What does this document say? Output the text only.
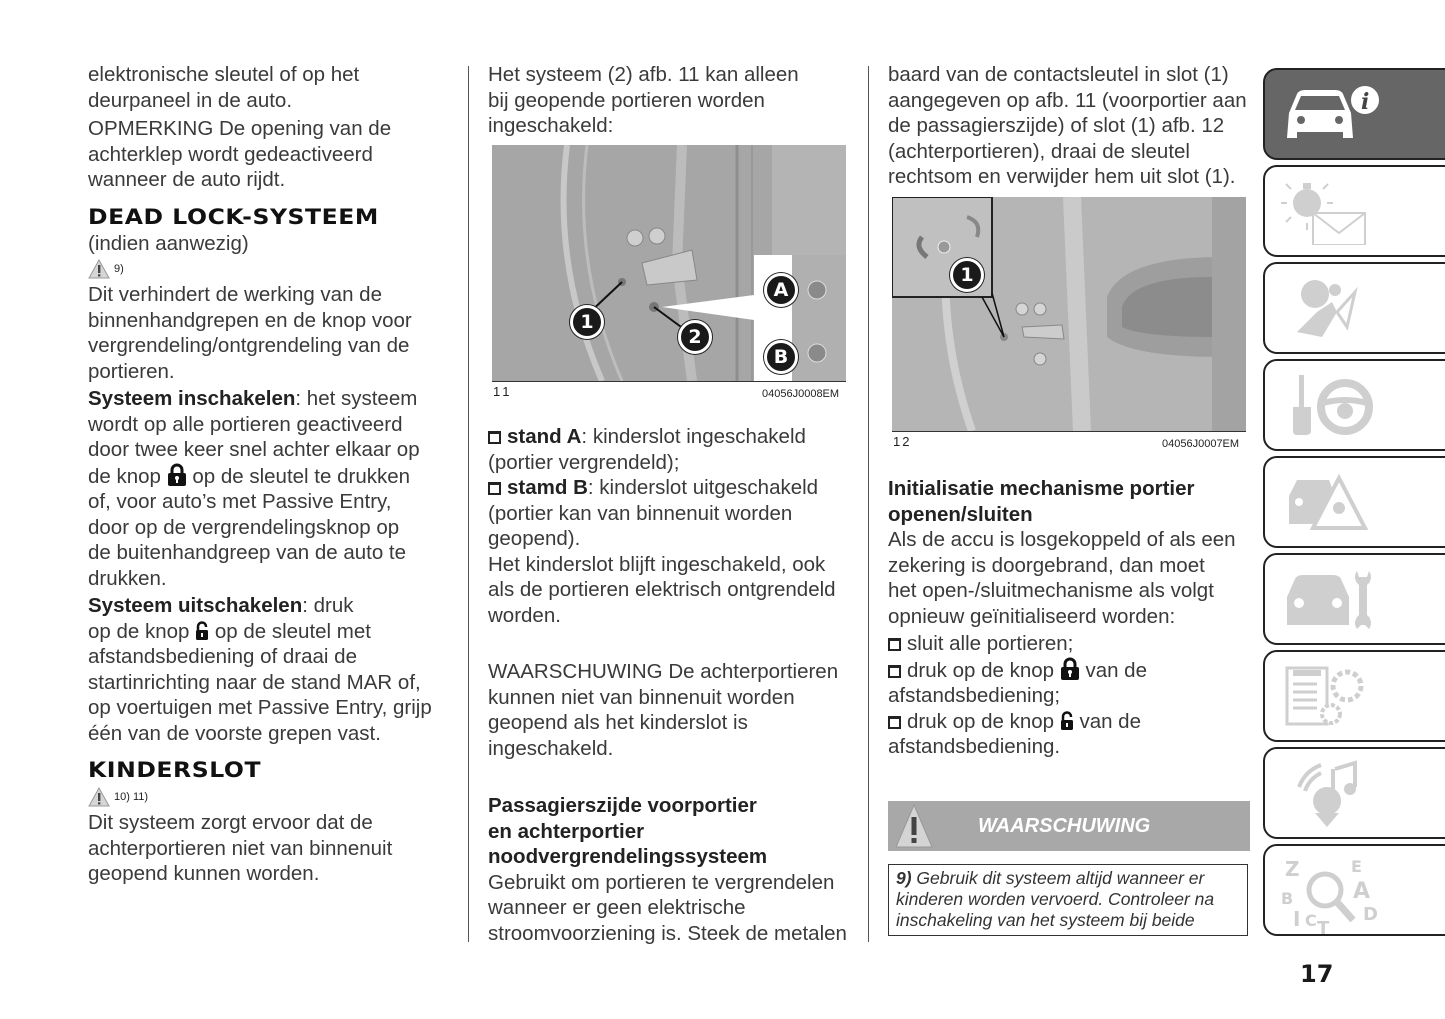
elektronische sleutel of op het

deurpaneel in de auto.

OPMERKING De opening van de

achterklep wordt gedeactiveerd

wanneer de auto rijdt.

DEAD LOCK-SYSTEEM

(indien aanwezig)

9)

Dit verhindert de werking van de

binnenhandgrepen en de knop voor

vergrendeling/ontgrendeling van de

portieren.

Systeem inschakelen: het systeem

wordt op alle portieren geactiveerd

door twee keer snel achter elkaar op

de knop op de sleutel te drukken

of, voor auto’s met Passive Entry,

door op de vergrendelingsknop op

de buitenhandgreep van de auto te

drukken.

Systeem uitschakelen: druk

op de knop op de sleutel met

afstandsbediening of draai de

startinrichting naar de stand MAR of,

op voertuigen met Passive Entry, grijp

één van de voorste grepen vast.

KINDERSLOT
10) 11)

Dit systeem zorgt ervoor dat de

achterportieren niet van binnenuit

geopend kunnen worden.

Het systeem (2) afb. 11 kan alleen

bij geopende portieren worden

ingeschakeld:

1
2
A
B
11	04056J0008EM

stand A: kinderslot ingeschakeld

(portier vergrendeld);

stamd B: kinderslot uitgeschakeld

(portier kan van binnenuit worden

geopend).

Het kinderslot blijft ingeschakeld, ook

als de portieren elektrisch ontgrendeld

worden.

WAARSCHUWING De achterportieren

kunnen niet van binnenuit worden

geopend als het kinderslot is

ingeschakeld.

Passagierszijde voorportier

en achterportier

noodvergrendelingssysteem

Gebruikt om portieren te vergrendelen

wanneer er geen elektrische

stroomvoorziening is. Steek de metalen

baard van de contactsleutel in slot (1)

aangegeven op afb. 11 (voorportier aan

de passagierszijde) of slot (1) afb. 12

(achterportieren), draai de sleutel

rechtsom en verwijder hem uit slot (1).

1
12	04056J0007EM

Initialisatie mechanisme portier

openen/sluiten

Als de accu is losgekoppeld of als een

zekering is doorgebrand, dan moet

het open-/sluitmechanisme als volgt

opnieuw geïnitialiseerd worden:

sluit alle portieren;

druk op de knop van de

afstandsbediening;

druk op de knop van de

afstandsbediening.

WAARSCHUWING
9) Gebruik dit systeem altijd wanneer er
kinderen worden vervoerd. Controleer na
inschakeling van het systeem bij beide
i
Z
B
I C T
E
A
D
17
